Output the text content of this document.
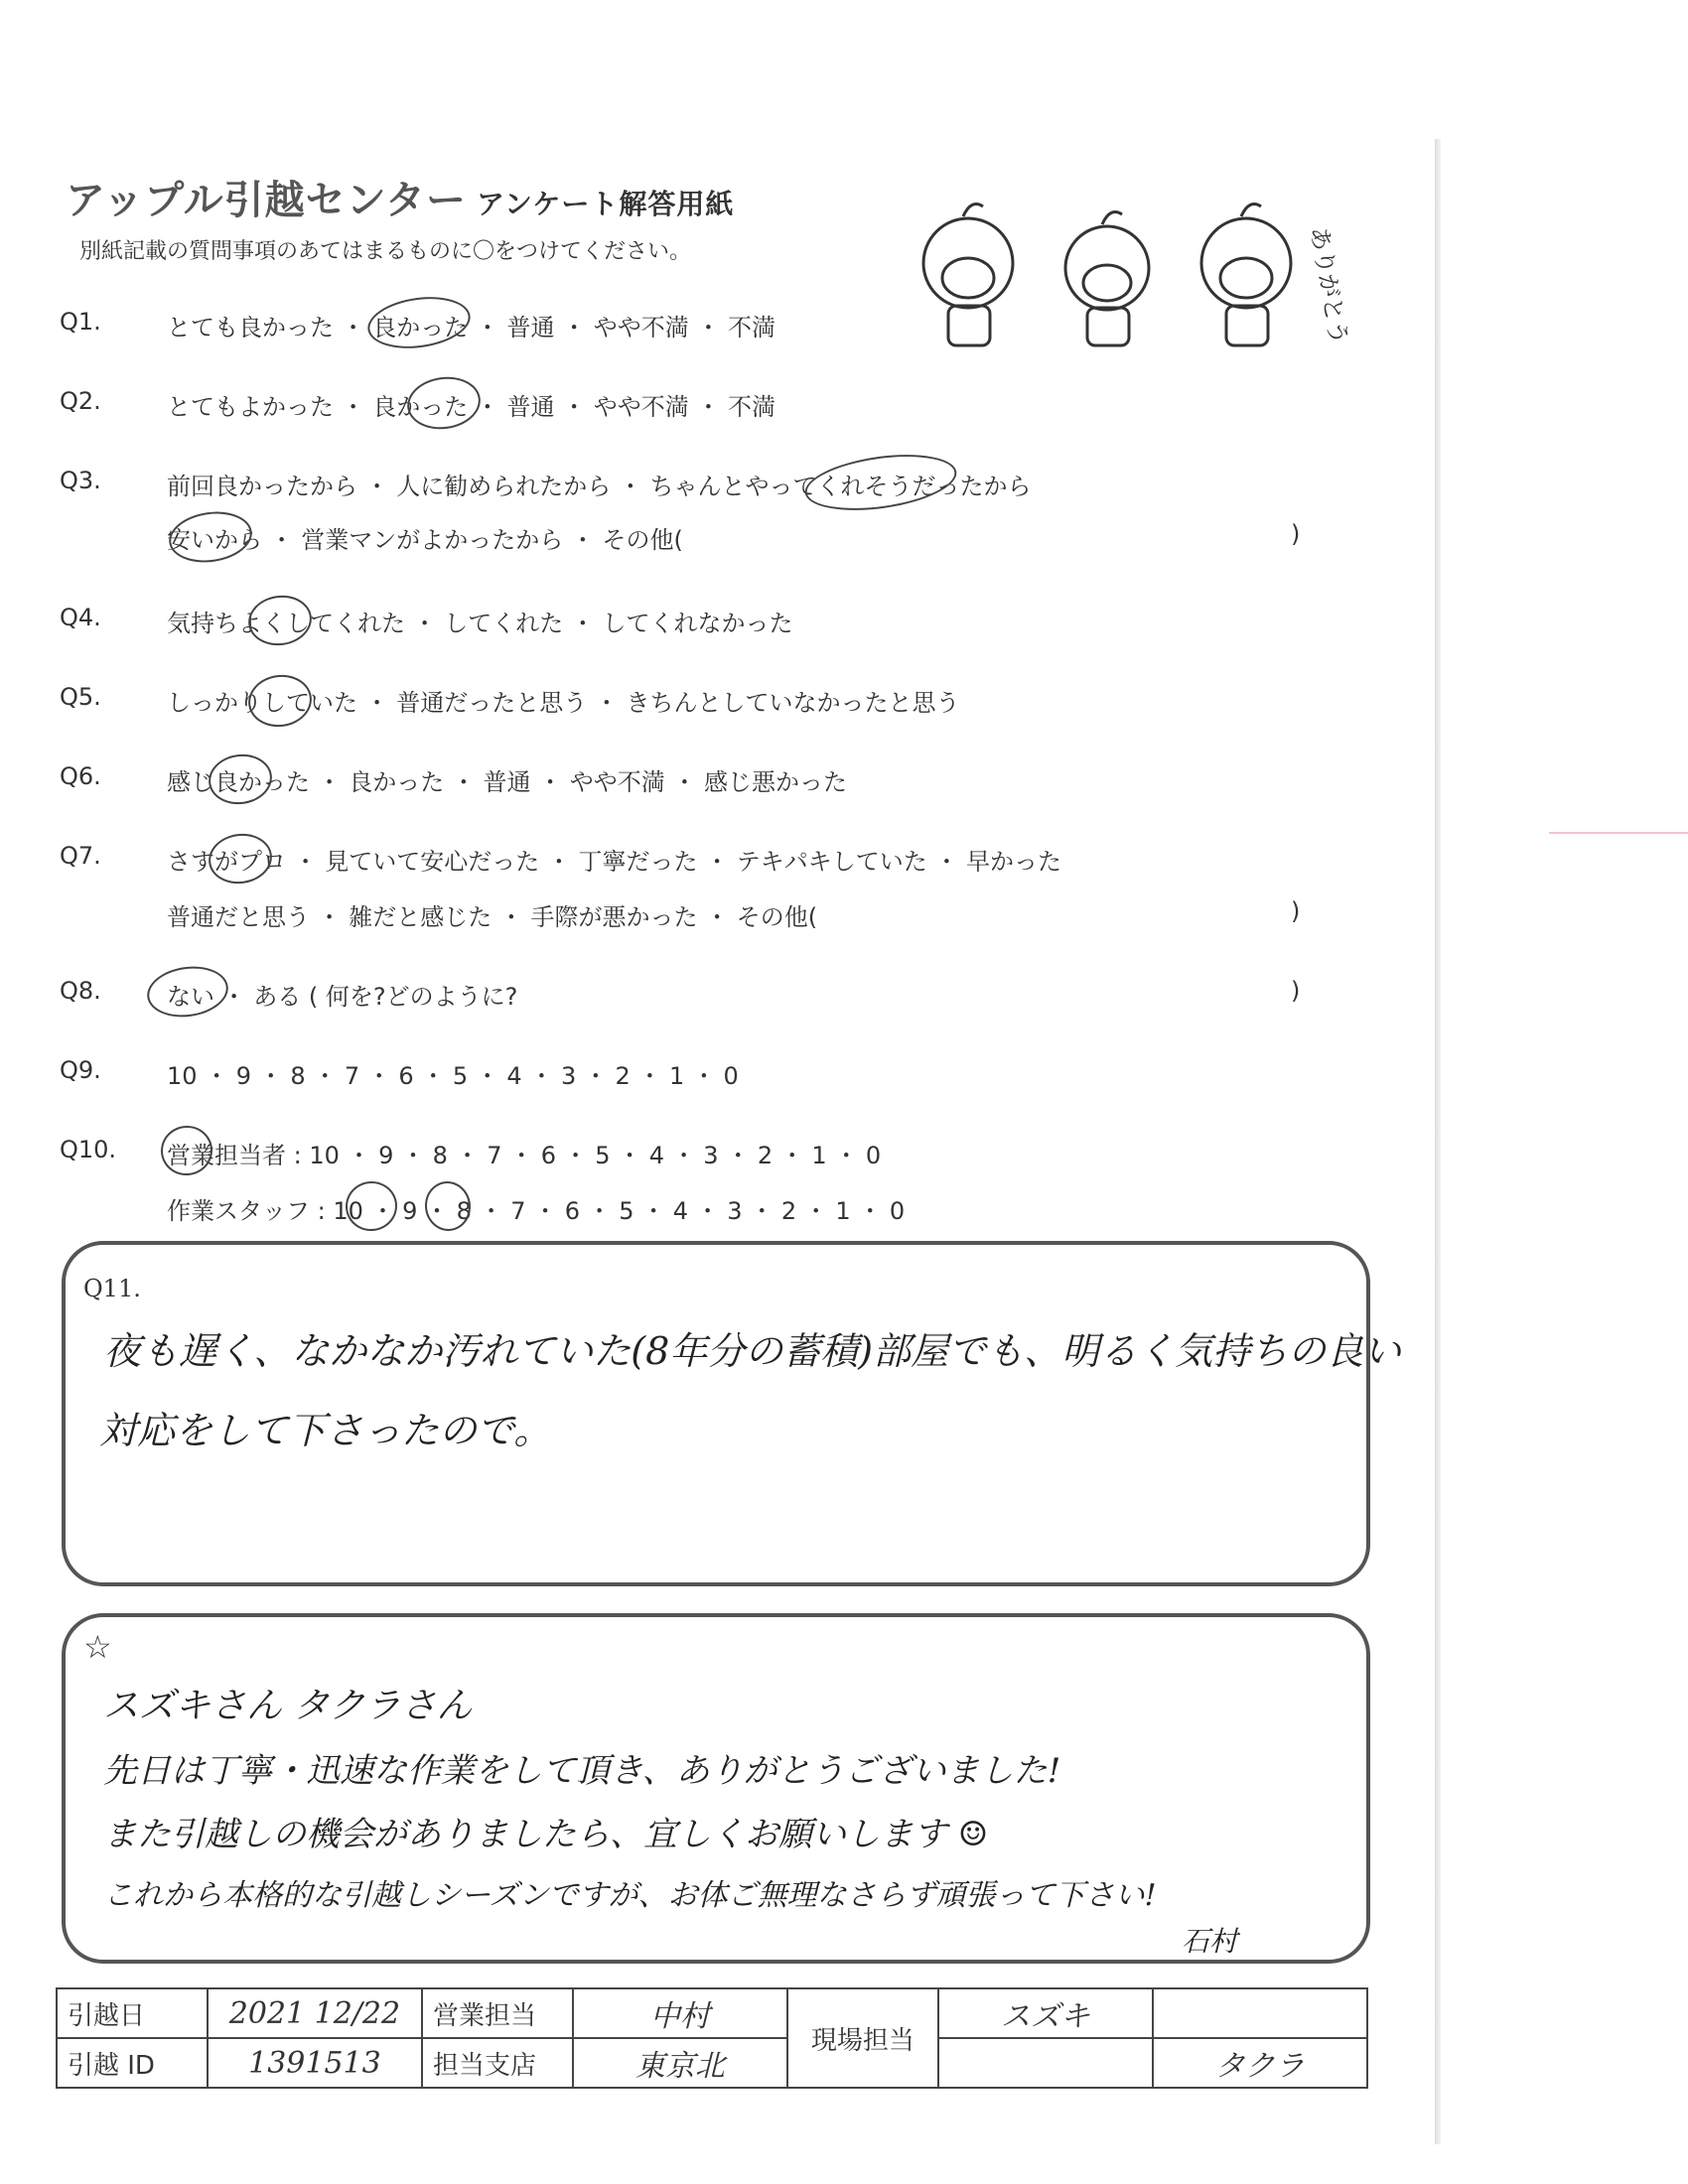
アップル引越センター アンケート解答用紙
別紙記載の質問事項のあてはまるものに〇をつけてください。	ありがとう
Q1.	とても良かった ・ 良かった ・ 普通 ・ やや不満 ・ 不満
Q2.	とてもよかった ・ 良かった ・ 普通 ・ やや不満 ・ 不満
Q3.	前回良かったから ・ 人に勧められたから ・ ちゃんとやってくれそうだったから
安いから ・ 営業マンがよかったから ・ その他(	)
Q4.	気持ちよくしてくれた ・ してくれた ・ してくれなかった
Q5.	しっかりしていた ・ 普通だったと思う ・ きちんとしていなかったと思う
Q6.	感じ良かった ・ 良かった ・ 普通 ・ やや不満 ・ 感じ悪かった
Q7.	さすがプロ ・ 見ていて安心だった ・ 丁寧だった ・ テキパキしていた ・ 早かった
普通だと思う ・ 雑だと感じた ・ 手際が悪かった ・ その他(	)
Q8.	ない ・ ある ( 何を?どのように?	)
Q9.	10 ・ 9 ・ 8 ・ 7 ・ 6 ・ 5 ・ 4 ・ 3 ・ 2 ・ 1 ・ 0
Q10. 営業担当者 : 10 ・ 9 ・ 8 ・ 7 ・ 6 ・ 5 ・ 4 ・ 3 ・ 2 ・ 1 ・ 0
作業スタッフ : 10 ・ 9 ・ 8 ・ 7 ・ 6 ・ 5 ・ 4 ・ 3 ・ 2 ・ 1 ・ 0
Q11.
夜も遅く、なかなか汚れていた(8年分の蓄積)部屋でも、明るく気持ちの良い
対応をして下さったので。
☆
スズキさん タクラさん
先日は丁寧・迅速な作業をして頂き、ありがとうございました!
また引越しの機会がありましたら、宜しくお願いします ☺
これから本格的な引越しシーズンですが、お体ご無理なさらず頑張って下さい!
石村
引越日	2021 12/22	営業担当	中村	現場担当	スズキ	
引越 ID	1391513	担当支店	東京北			タクラ
